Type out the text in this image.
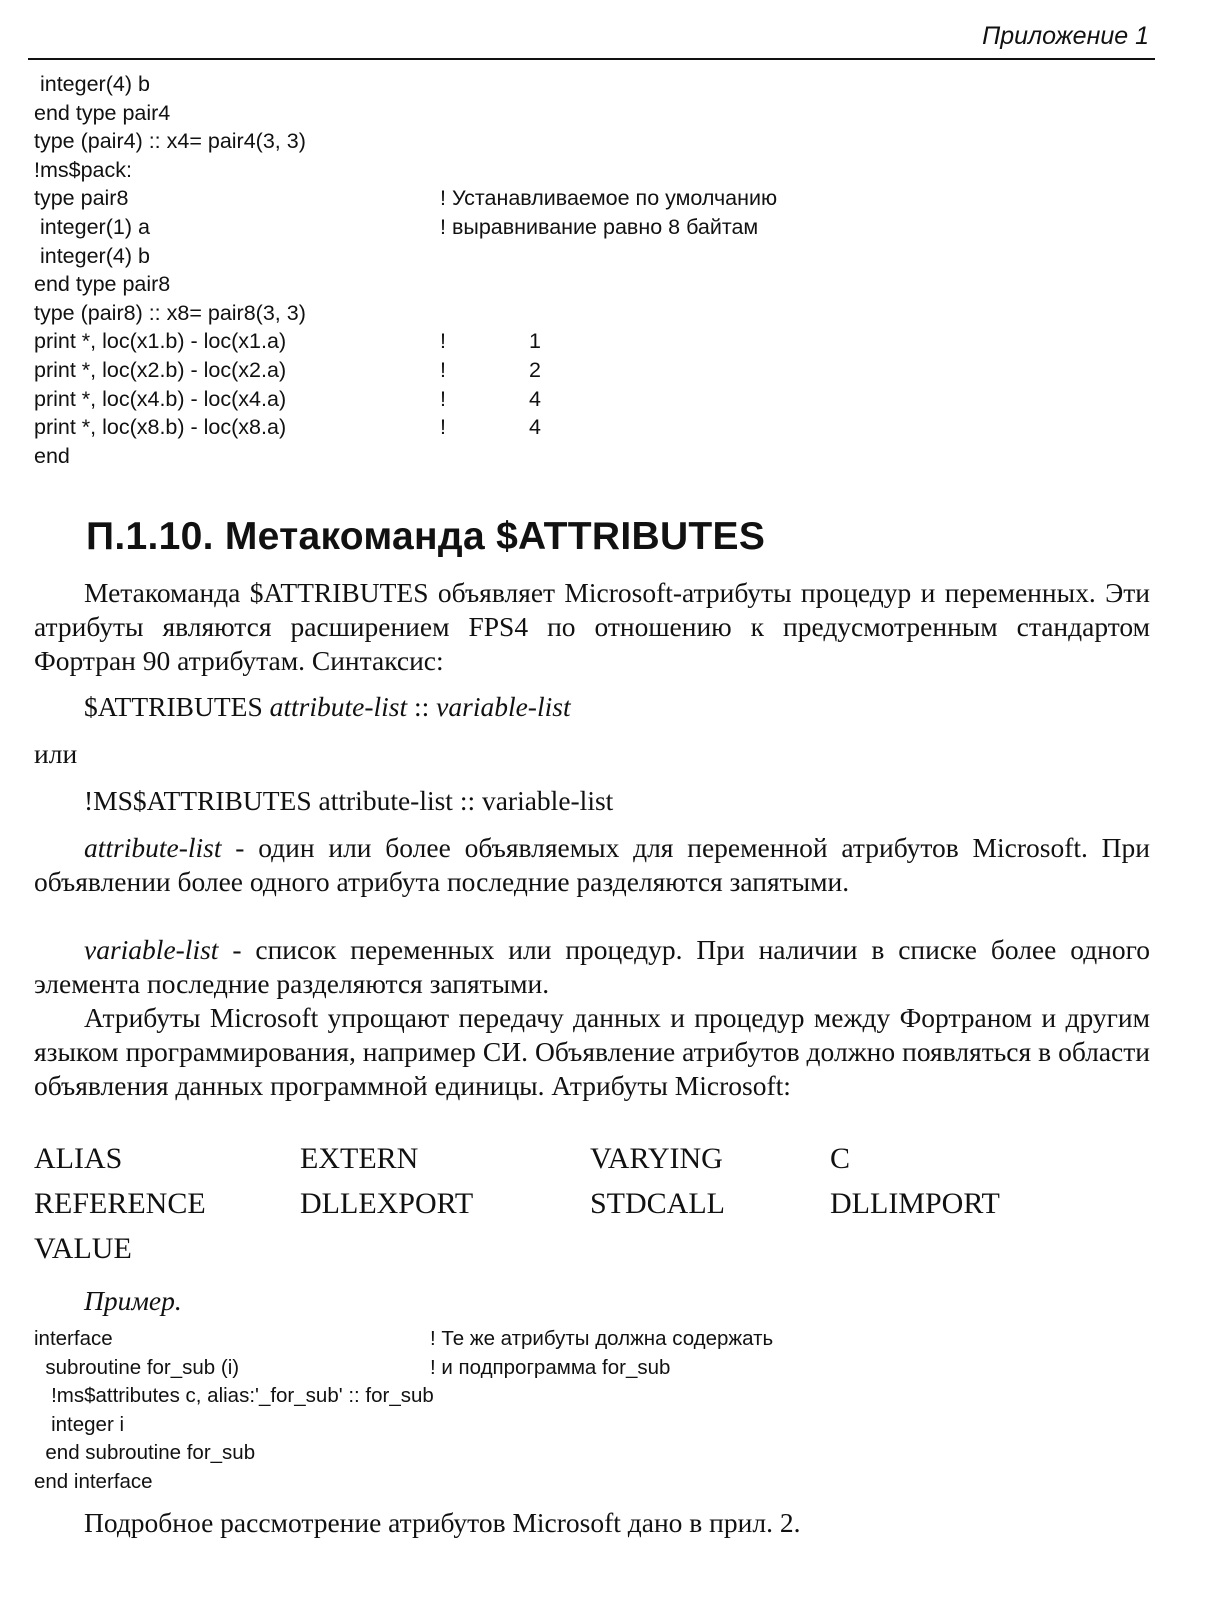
Приложение 1
integer(4) b
end type pair4
type (pair4) :: x4= pair4(3, 3)
!ms$pack:
type pair8	! Устанавливаемое по умолчанию
integer(1) a	! выравнивание равно 8 байтам
integer(4) b
end type pair8
type (pair8) :: x8= pair8(3, 3)
print *, loc(x1.b) - loc(x1.a)	!	1
print *, loc(x2.b) - loc(x2.a)	!	2
print *, loc(x4.b) - loc(x4.a)	!	4
print *, loc(x8.b) - loc(x8.a)	!	4
end
П.1.10. Метакоманда $ATTRIBUTES

Метакоманда $ATTRIBUTES объявляет Microsoft-атрибуты процедур и переменных. Эти атрибуты являются расширением FPS4 по отношению к предусмотренным стандартом Фортран 90 атрибутам. Синтаксис:

$ATTRIBUTES attribute-list :: variable-list

или

!MS$ATTRIBUTES attribute-list :: variable-list

attribute-list - один или более объявляемых для переменной атрибутов Microsoft. При объявлении более одного атрибута последние разделяются запятыми.

variable-list - список переменных или процедур. При наличии в списке более одного элемента последние разделяются запятыми.

Атрибуты Microsoft упрощают передачу данных и процедур между Фортраном и другим языком программирования, например СИ. Объявление атрибутов должно появляться в области объявления данных программной единицы. Атрибуты Microsoft:

ALIAS	EXTERN	VARYING	C
REFERENCE	DLLEXPORT	STDCALL	DLLIMPORT
VALUE

Пример.

interface	! Те же атрибуты должна содержать
subroutine for_sub (i)	! и подпрограмма for_sub
!ms$attributes c, alias:'_for_sub' :: for_sub
integer i
end subroutine for_sub
end interface

Подробное рассмотрение атрибутов Microsoft дано в прил. 2.
